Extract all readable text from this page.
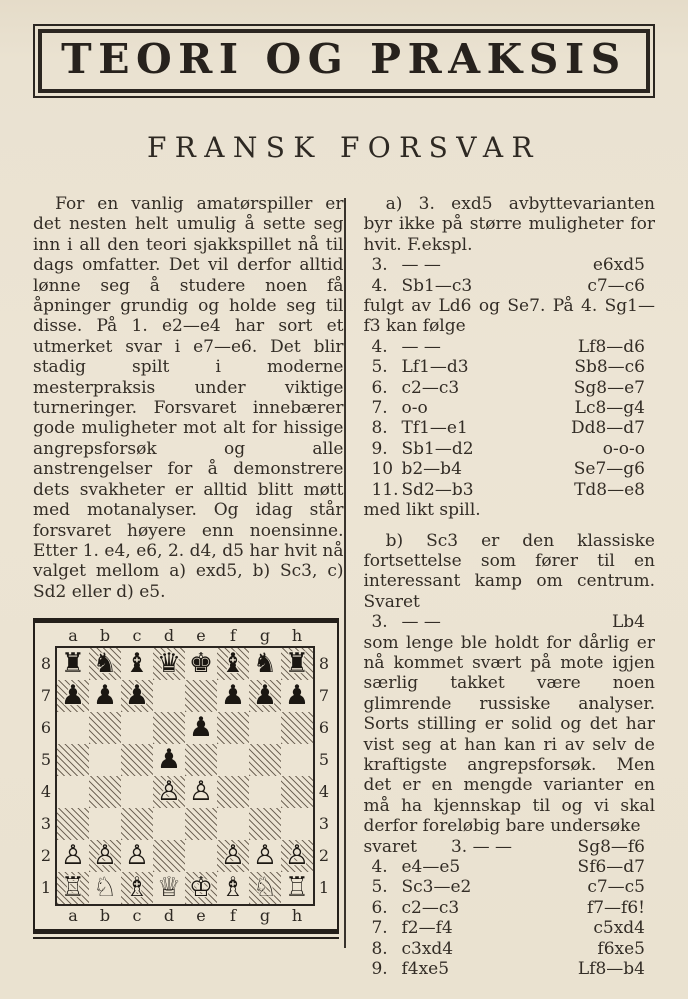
TEORI OG PRAKSIS
FRANSK FORSVAR

For en vanlig amatørspiller er det nesten helt umulig å sette seg inn i all den teori sjakkspillet nå til dags omfatter. Det vil derfor alltid lønne seg å studere noen få åpninger grundig og holde seg til disse. På 1. e2—e4 har sort et utmerket svar i e7—e6. Det blir stadig spilt i moderne mesterpraksis under viktige turneringer. Forsvaret innebærer gode muligheter mot alt for hissige angrepsforsøk og alle anstrengelser for å demonstrere dets svakheter er alltid blitt møtt med motanalyser. Og idag står forsvaret høyere enn noensinne. Etter 1. e4, e6, 2. d4, d5 har hvit nå valget mellom a) exd5, b) Sc3, c) Sd2 eller d) e5.

a	b	c	d	e	f	g	h
8
7
6
5
4
3
2
1
♜ ♞ ♝ ♛ ♚ ♝ ♞ ♜
♟ ♟ ♟	♟ ♟ ♟
♟
♟
♙ ♙
♙ ♙ ♙	♙ ♙ ♙
♖ ♘ ♗ ♕ ♔ ♗ ♘ ♖
8
7
6
5
4
3
2
1
a	b	c	d	e	f	g	h

a) 3. exd5 avbyttevarianten byr ikke på større muligheter for hvit. F.ekspl.

3. — —	e6xd5
4. Sb1—c3	c7—c6

fulgt av Ld6 og Se7. På 4. Sg1—f3 kan følge

4. — —	Lf8—d6
5. Lf1—d3	Sb8—c6
6. c2—c3	Sg8—e7
7. o-o	Lc8—g4
8. Tf1—e1	Dd8—d7
9. Sb1—d2	o-o-o
10 b2—b4	Se7—g6
11. Sd2—b3	Td8—e8

med likt spill.

b) Sc3 er den klassiske fortsettelse som fører til en interessant kamp om centrum. Svaret

3. — —	Lb4

som lenge ble holdt for dårlig er nå kommet svært på mote igjen særlig takket være noen glimrende russiske analyser. Sorts stilling er solid og det har vist seg at han kan ri av selv de kraftigste angrepsforsøk. Men det er en mengde varianter en må ha kjennskap til og vi skal derfor foreløbig bare undersøke

svaret 3. — —	Sg8—f6
4. e4—e5	Sf6—d7
5. Sc3—e2	c7—c5
6. c2—c3	f7—f6!
7. f2—f4	c5xd4
8. c3xd4	f6xe5
9. f4xe5	Lf8—b4
